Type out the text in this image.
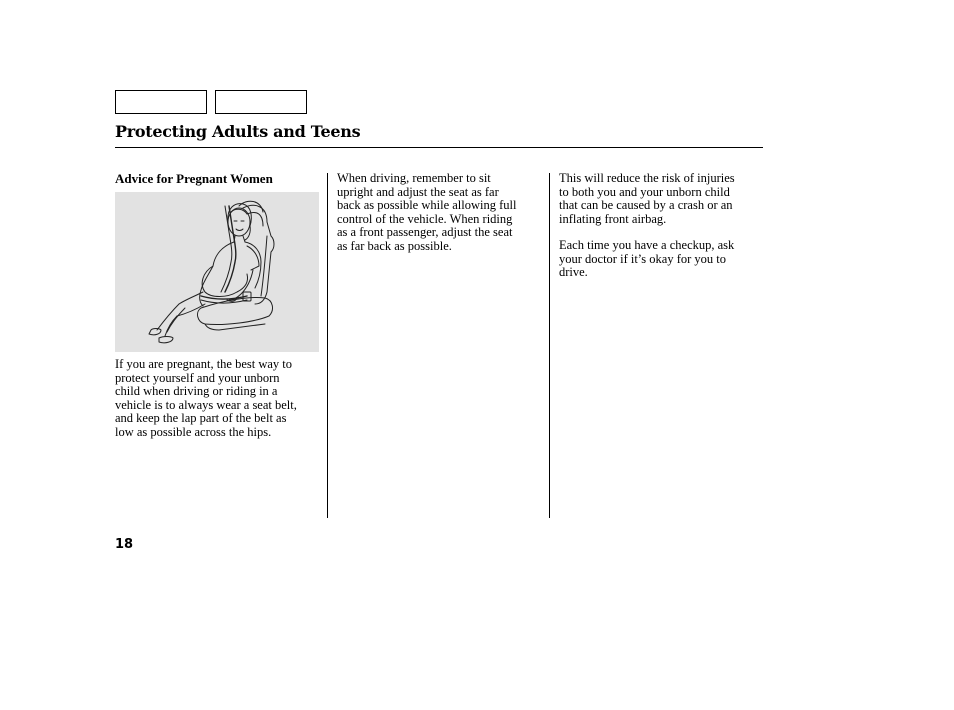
Protecting Adults and Teens
Advice for Pregnant Women
If you are pregnant, the best way to
protect yourself and your unborn
child when driving or riding in a
vehicle is to always wear a seat belt,
and keep the lap part of the belt as
low as possible across the hips.
When driving, remember to sit
upright and adjust the seat as far
back as possible while allowing full
control of the vehicle. When riding
as a front passenger, adjust the seat
as far back as possible.
This will reduce the risk of injuries
to both you and your unborn child
that can be caused by a crash or an
inflating front airbag.
Each time you have a checkup, ask
your doctor if it’s okay for you to
drive.
18
